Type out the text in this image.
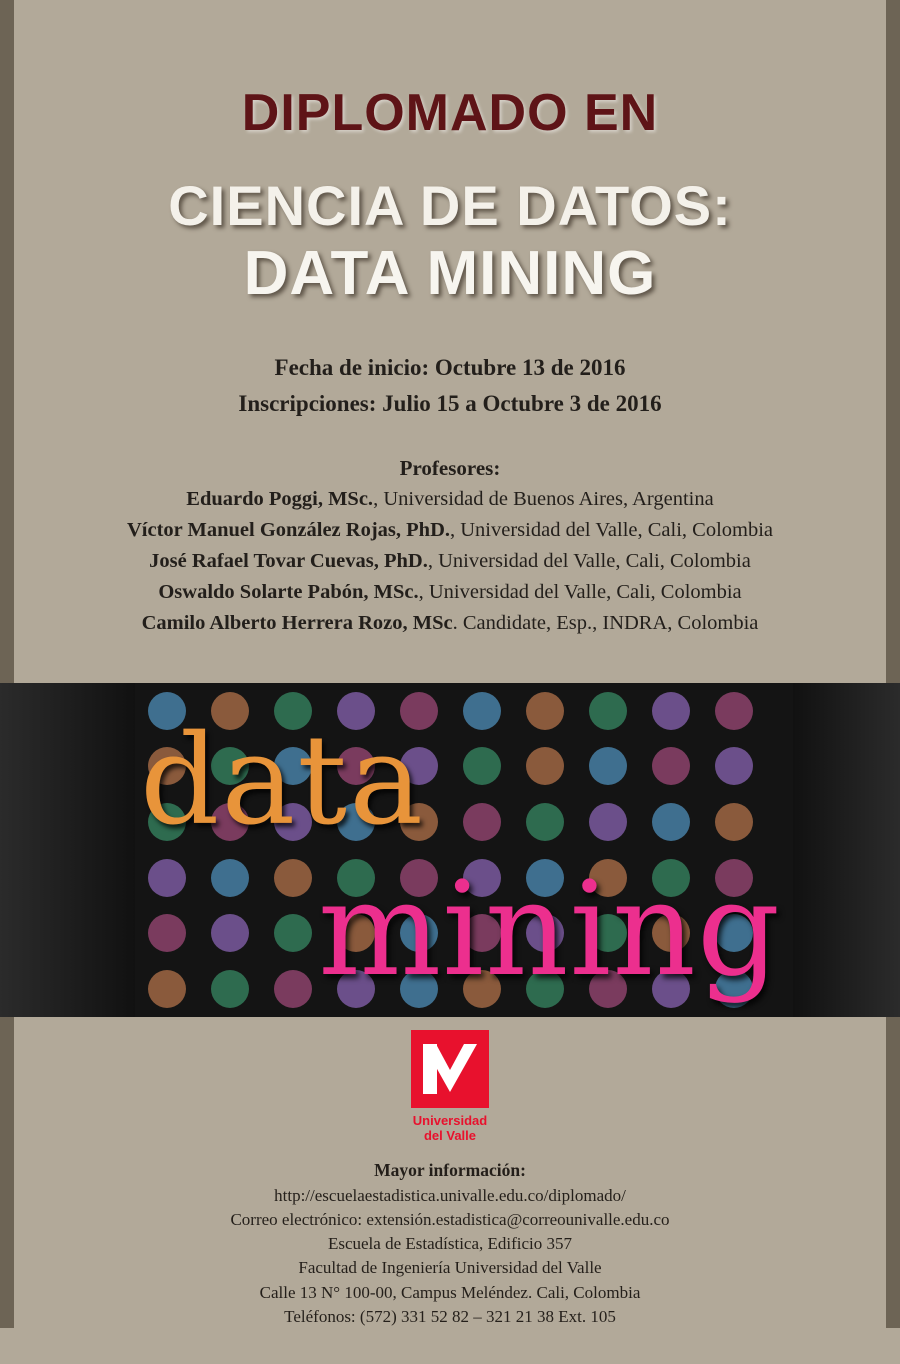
DIPLOMADO EN
CIENCIA DE DATOS:
DATA MINING
Fecha de inicio: Octubre 13 de 2016
Inscripciones: Julio 15 a Octubre 3 de 2016
Profesores:
Eduardo Poggi, MSc., Universidad de Buenos Aires, Argentina
Víctor Manuel González Rojas, PhD., Universidad del Valle, Cali, Colombia
José Rafael Tovar Cuevas, PhD., Universidad del Valle, Cali, Colombia
Oswaldo Solarte Pabón, MSc., Universidad del Valle, Cali, Colombia
Camilo Alberto Herrera Rozo, MSc. Candidate, Esp., INDRA, Colombia
data
mining
Universidad
del Valle
Mayor información:
http://escuelaestadistica.univalle.edu.co/diplomado/
Correo electrónico: extensión.estadistica@correounivalle.edu.co
Escuela de Estadística, Edificio 357
Facultad de Ingeniería Universidad del Valle
Calle 13 N° 100-00, Campus Meléndez. Cali, Colombia
Teléfonos: (572) 331 52 82 – 321 21 38 Ext. 105
